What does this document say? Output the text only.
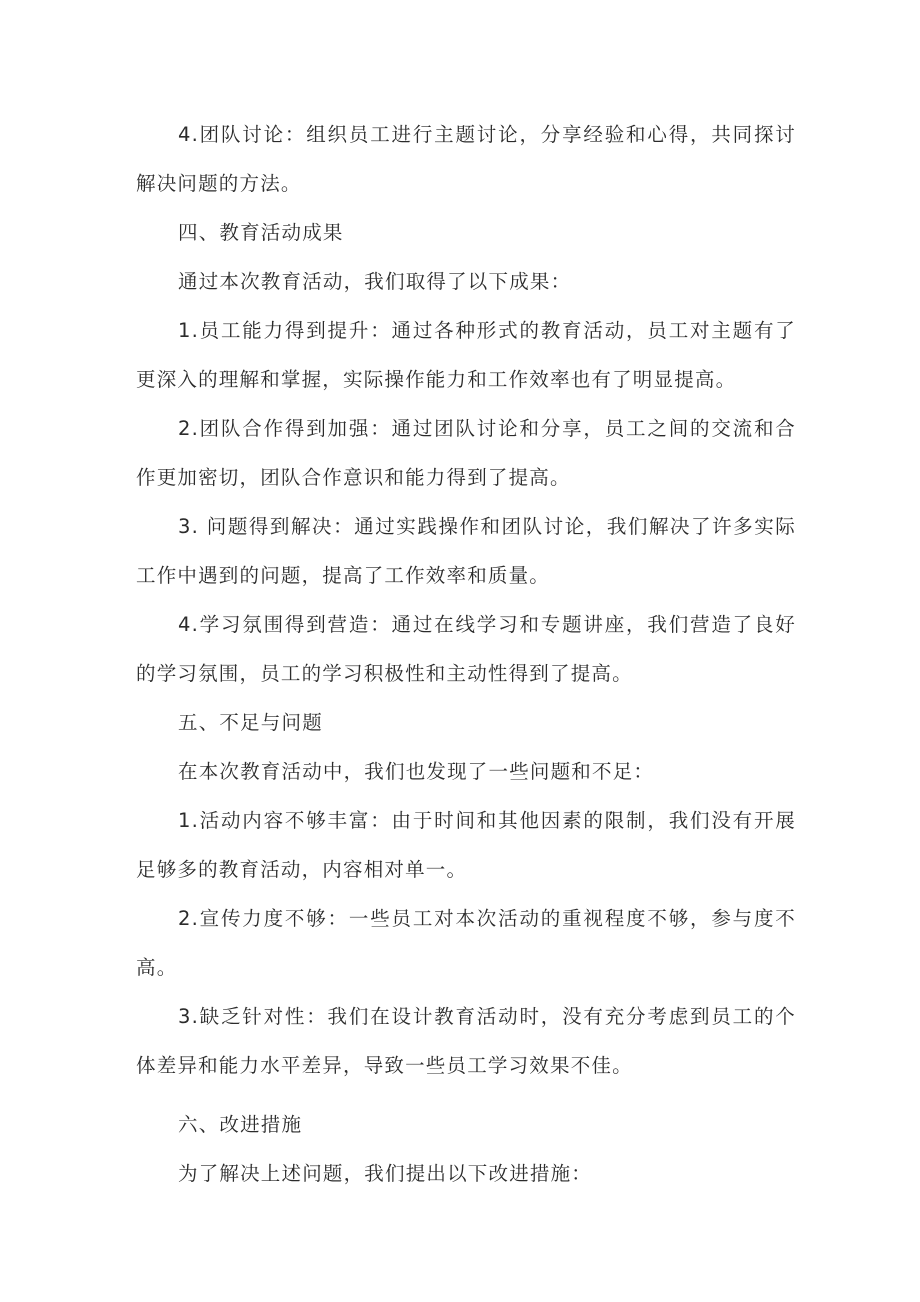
4.团队讨论：组织员工进行主题讨论，分享经验和心得，共同探讨解决问题的方法。

四、教育活动成果

通过本次教育活动，我们取得了以下成果：

1.员工能力得到提升：通过各种形式的教育活动，员工对主题有了更深入的理解和掌握，实际操作能力和工作效率也有了明显提高。

2.团队合作得到加强：通过团队讨论和分享，员工之间的交流和合作更加密切，团队合作意识和能力得到了提高。

3. 问题得到解决：通过实践操作和团队讨论，我们解决了许多实际工作中遇到的问题，提高了工作效率和质量。

4.学习氛围得到营造：通过在线学习和专题讲座，我们营造了良好的学习氛围，员工的学习积极性和主动性得到了提高。

五、不足与问题

在本次教育活动中，我们也发现了一些问题和不足：

1.活动内容不够丰富：由于时间和其他因素的限制，我们没有开展足够多的教育活动，内容相对单一。

2.宣传力度不够：一些员工对本次活动的重视程度不够，参与度不高。

3.缺乏针对性：我们在设计教育活动时，没有充分考虑到员工的个体差异和能力水平差异，导致一些员工学习效果不佳。

六、改进措施

为了解决上述问题，我们提出以下改进措施：
